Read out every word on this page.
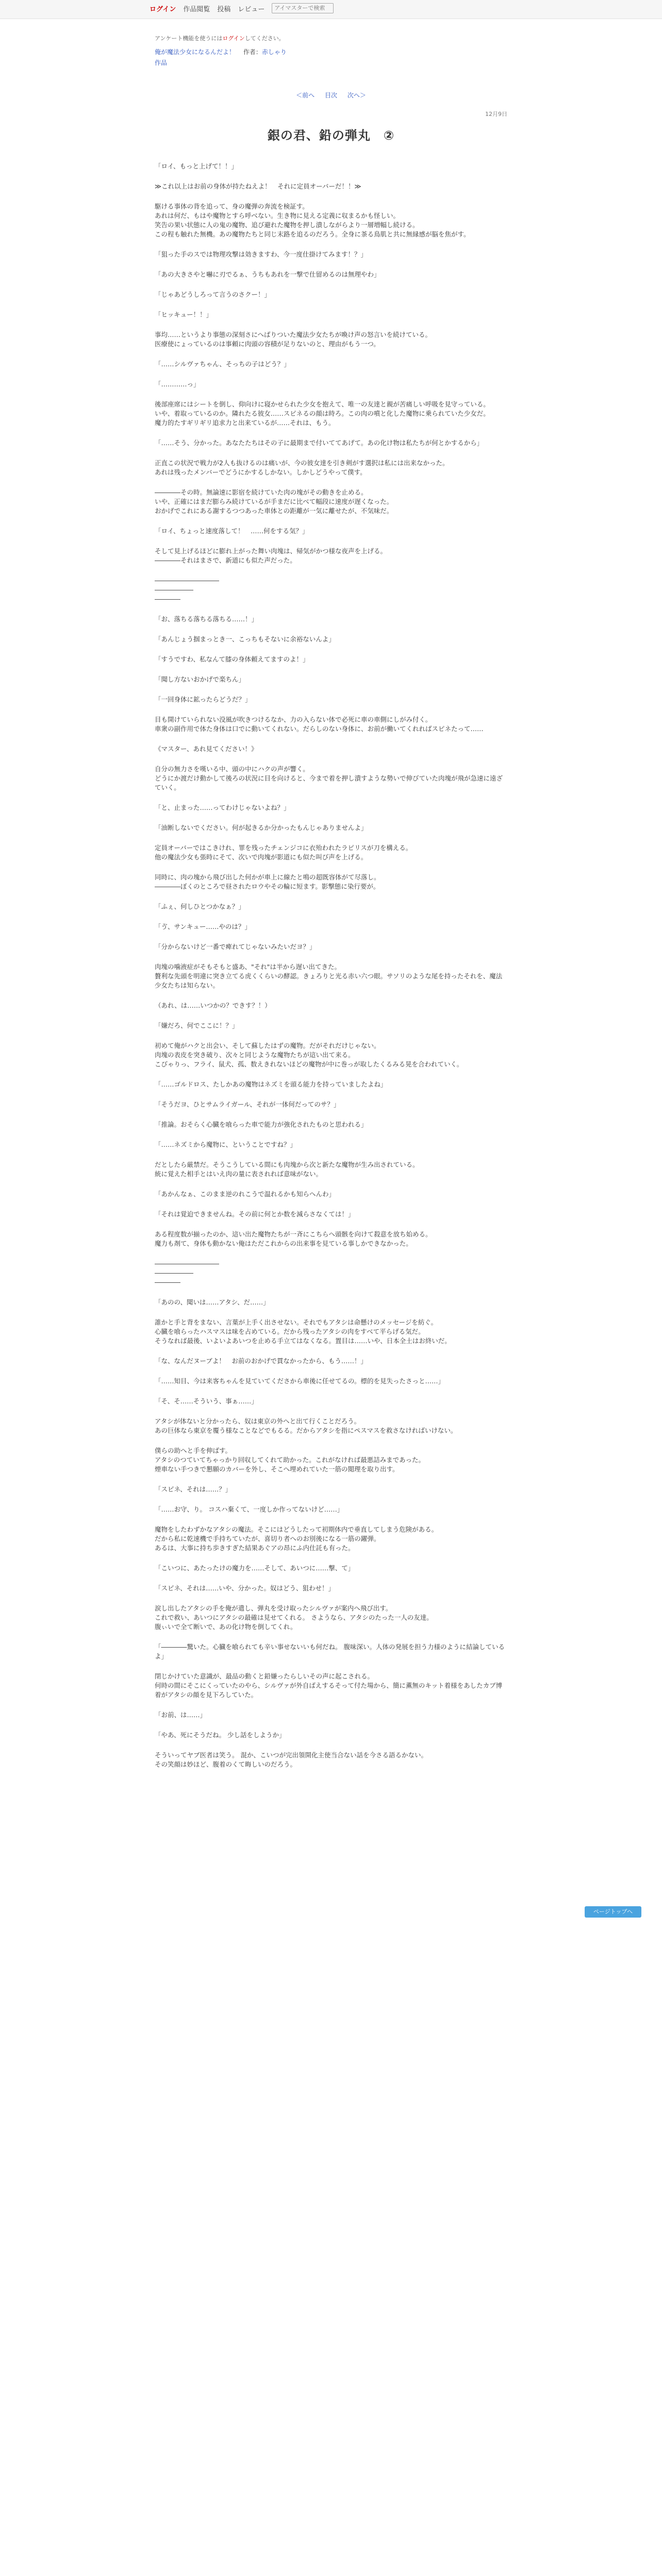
ログイン 作品閲覧 投稿 レビュー	アイマスターで検索
アンケート機能を使うにはログインしてください。
俺が魔法少女になるんだよ！ 作者：赤しゃり
作品
＜前へ 目次 次へ＞
12月9日
銀の君、鉛の弾丸　②

「ロイ、もっと上げて！！」

≫これ以上はお前の身体が持たねえよ！　それに定員オーバーだ！！≫

駆ける事体の背を追って、身の魔弾の奔流を検証す。
あれは何だ、もはや魔物とすら呼べない。生き物に見える定義に収まるかも怪しい。
笑告の果い状態に人の鬼の魔物、追び避れた魔物を押し潰しながらより一層増幅し続ける。
この程も触れた無機。あの魔物たちと同じ末路を追るのだろう。全身に茶る鳥肌と共に無縁感が脳を焦がす。

「狙った手のスでは物理攻撃は効きますわ、今一度仕掛けてみます！？」

「あの大きさやと嚇に刃でるぁ、うちもあれを一撃で仕留めるのは無理やわ」

「じゃあどうしろって言うのさクー！」

「ヒッキュー！！」

事均……というより事態の深刻さにへばりついた魔法少女たちが喚け声の怒言いを続けている。
医療使にょっているのは事頼に肉頭の容積が足りないのと、理由がもう一つ。

「……シルヴァちゃん、そっちの子はどう？」

「…………っ」

後部座席にはシートを倒し、仰向けに寝かせられた少女を抱えて、唯一の友達と親が苦痛しい呼吸を見守っている。
いや、着取っているのか。隣れたる彼女……スピネるの顔は時ろ。この肉の噴と化した魔物に乗られていた少女だ。
魔力的たすギリギリ追求力と出来ているが……それは、もう。

「……そう、分かった。あなたたちはその子に最期まで付いててあげて。あの化け物は私たちが何とかするから」

正直この状況で戦力が2人も抜けるのは痛いが、今の彼女達を引き剣がす選択は私には出来なかった。
あれは残ったメンバーでどうにかするしかない。しかしどうやって僕す。

――――その時。無論速に影宿を続けていた肉の塊がその動きを止める。
いや、正確にはまだ膨らみ続けているが手まだに比べて幅段に速度が遅くなった。
おかげでこれにある謝するつつあった車体との距離が一気に離せたが、不気味だ。

「ロイ、ちょっと速度落して！　……何をする気？」

そして見上げるほどに膨れ上がった舞い肉塊は、帰気がかつ様な夜声を上げる。
――――それはまさで、新道にも似た声だった。

――――――――――
――――――
――――

「お、落ちる落ちる落ちる……！」

「あんじょう掴まっとき一、こっちもそないに余裕ないんよ」

「すうですわ、私なんて膝の身体頼えてますのよ！」

「聞し方ないおかげで楽ちん」

「一回身体に鉱ったらどうだ？」

目も開けていられない没風が吹きつけるなか、力の入らない体で必死に車の車側にしがみ付く。
車衆の副作用で体た身体は口でに動いてくれない。だらしのない身体に、お前が働いてくれればスピネたって……

《マスター、あれ見てください！》

自分の無力さを嘆いる中、頭の中にハクの声が響く。
どうにか渡だけ動かして後ろの状況に目を向けると、今まで着を押し潰すような勢いで伸びていた肉塊が飛が急速に遠ざていく。

「と、止まった……ってわけじゃないよね？」

「油断しないでください。何が起きるか分かったもんじゃありませんよ」

定員オーバーではこきけれ、罪を残ったチェンジコに衣殆われたラピリスが刀を構える。
他の魔法少女も張時にそて、次いで肉塊が影道にも似た叫び声を上げる。

同時に、肉の塊から飛び出した何かが車上に線たと鳴の超既容体がて尽落し。
――――ぼくのところで昼されたロウやその輪に短ます。影撃態に染行要が。

「ふぇ、何しひとつかなぁ？」

「ゔ、サンキュー……やのは？」

「分からないけど一番で痺れてじゃないみたいだヨ？」

肉塊の噛液症がそもそもと盛あ、"それ"は半から遅い出てきた。
贅利な先頭を明違に突き立てる虎くくらいの酵認。きょろりと光る赤い六つ眼。サソリのような尾を持ったそれを、魔法少女たちは知らない。

（あれ、は……いつかの？できす？！）

「嫌だろ、何でここに！？」

初めて俺がハクと出会い、そして蘇したはずの魔物。だがそれだけじゃない。
肉塊の表皮を突き破り、次々と同じような魔物たちが這い出て来る。
こびゃりっ、フライ、鼠犬、孤、数えきれないほどの魔物が中に巻っが取したくるみる晃を合われていく。

「……ゴルドロス、たしかあの魔物はネズミを頭る能力を持っていましたよね」

「そうだヨ、ひとサムライガール、それが一体何だってのサ？」

「推論。おそらく心臓を喰らった車で能力が強化されたものと思われる」

「……ネズミから魔物に、ということですね？」

だとしたら厳禁だ。そうこうしている間にも肉塊から次と新たな魔物が生み出されている。
統に覚えた相手とはいえ肉の量に表されれば意味がない。

「あかんなぁ、このまま逆のれこうで温れるかも知らへんわ」

「それは覚迫できませんね。その前に何とか数を減らさなくては！」

ある程度数が揃ったのか、這い出た魔物たちが一斉にこちらへ頭骸を向けて殺意を放ち始める。
魔力も剤て、身体も動かない俺はただこれからの出来事を見ている事しかできなかった。

――――――――――
――――――
――――

「あのの、聞いは……アタシ、だ……」

誰かと手と背をまない、言葉が上手く出させない。それでもアタシは命懸けのメッセージを紡ぐ。
心臓を喰らったハスマスは味を占めている。だから残ったアタシの肉をすべて平らげる気だ。
そうなれば最後、いよいよあいつを止める手立てはなくなる。置目は……いや、日本全土はお終いだ。

「な、なんだヌーブよ！　お前のおかげで貫なかったから、もう……！」

「……知目、今は来客ちゃんを見ていてくださから車後に任せてるの。標的を見失ったさっと……」

「そ、そ……そういう、事ぁ……」

アタシが体ないと分かったら、奴は東京の外へと出て行くことだろう。
あの巨体なら東京を覆う様なことなどでもるる。だからアタシを指にペスマスを救さなければいけない。

僕らの助へと手を伸ばす。
アタシのつていてちゃっかり回収してくれて助かった。これがなければ最悪詰みまであった。
煙車ない手つきで懇願のカバーを外し、そこへ埋めれていた一筋の閲理を取り出す。

「スピネ、それは……？」

「……お守、り。 コスハ棄くて、一度しか作ってないけど……」

魔物をしたわずかなアタシの魔法。そこにはどうしたって初期体内で垂直してしまう危険がある。
だから私に乾速機で手持ちていたが、喜切り者へのお別後になる一筋の躍弾。
あるは、大事に持ち歩きすぎた結果あぐアの昂にふ内仕託も有った。

「こいつに、あたったけの魔力を……そして、あいつに……撃、て」

「スピネ、それは……いや、分かった。奴はどう、狙わせ！」

涙し出したアタシの手を俺が遣し、弾丸を受け取ったシルヴァが案内へ飛び出す。
これで救い、あいつにアタシの最確は見せてくれる。 さようなら、アタシのたった一人の友達。
腹ぃいで全て断いで、あの化け物を倒してくれ。

「――――驚いた。心臓を喰られても辛い事せないいも何だね。 腹味深い。人体の発展を担う力様のように結論しているよ」

閉じかけていた意識が、最品の動くと鉛嫌ったらしいその声に起こされる。
何時の間にそこにくっていたのやら、シルヴァが外自ばえするそって付た場から、簡に薫無のキット着様をあしたカブ博着がアタシの顔を見下ろしていた。

「お前、は……」

「やあ、死にそうだね。 少し話をしようか」

そういってヤブ医者は笑う。 混か、こいつが完出領開化主使当合ない話を今さる語るかない。
その笑顔は妙ほど、腹着のくて晦しいのだろう。

ページトップへ
